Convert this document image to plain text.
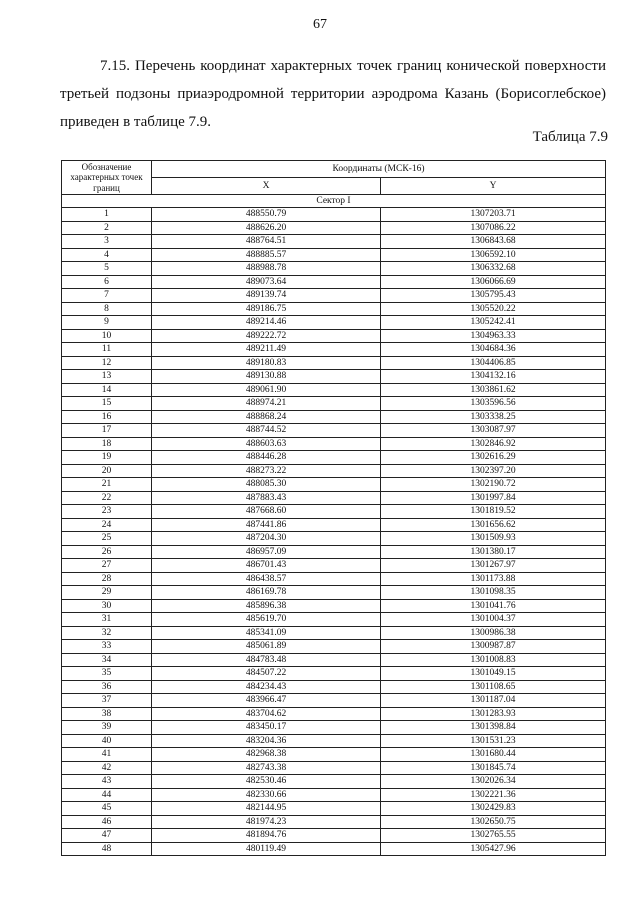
67
7.15. Перечень координат характерных точек границ конической поверхности
третьей подзоны приаэродромной территории аэродрома Казань (Борисоглебское)
приведен в таблице 7.9.
Таблица 7.9
Обозначение характерных точек границ	Координаты (МСК-16)	
	X	Y
Сектор I		
1	488550.79	1307203.71
2	488626.20	1307086.22
3	488764.51	1306843.68
4	488885.57	1306592.10
5	488988.78	1306332.68
6	489073.64	1306066.69
7	489139.74	1305795.43
8	489186.75	1305520.22
9	489214.46	1305242.41
10	489222.72	1304963.33
11	489211.49	1304684.36
12	489180.83	1304406.85
13	489130.88	1304132.16
14	489061.90	1303861.62
15	488974.21	1303596.56
16	488868.24	1303338.25
17	488744.52	1303087.97
18	488603.63	1302846.92
19	488446.28	1302616.29
20	488273.22	1302397.20
21	488085.30	1302190.72
22	487883.43	1301997.84
23	487668.60	1301819.52
24	487441.86	1301656.62
25	487204.30	1301509.93
26	486957.09	1301380.17
27	486701.43	1301267.97
28	486438.57	1301173.88
29	486169.78	1301098.35
30	485896.38	1301041.76
31	485619.70	1301004.37
32	485341.09	1300986.38
33	485061.89	1300987.87
34	484783.48	1301008.83
35	484507.22	1301049.15
36	484234.43	1301108.65
37	483966.47	1301187.04
38	483704.62	1301283.93
39	483450.17	1301398.84
40	483204.36	1301531.23
41	482968.38	1301680.44
42	482743.38	1301845.74
43	482530.46	1302026.34
44	482330.66	1302221.36
45	482144.95	1302429.83
46	481974.23	1302650.75
47	481894.76	1302765.55
48	480119.49	1305427.96
